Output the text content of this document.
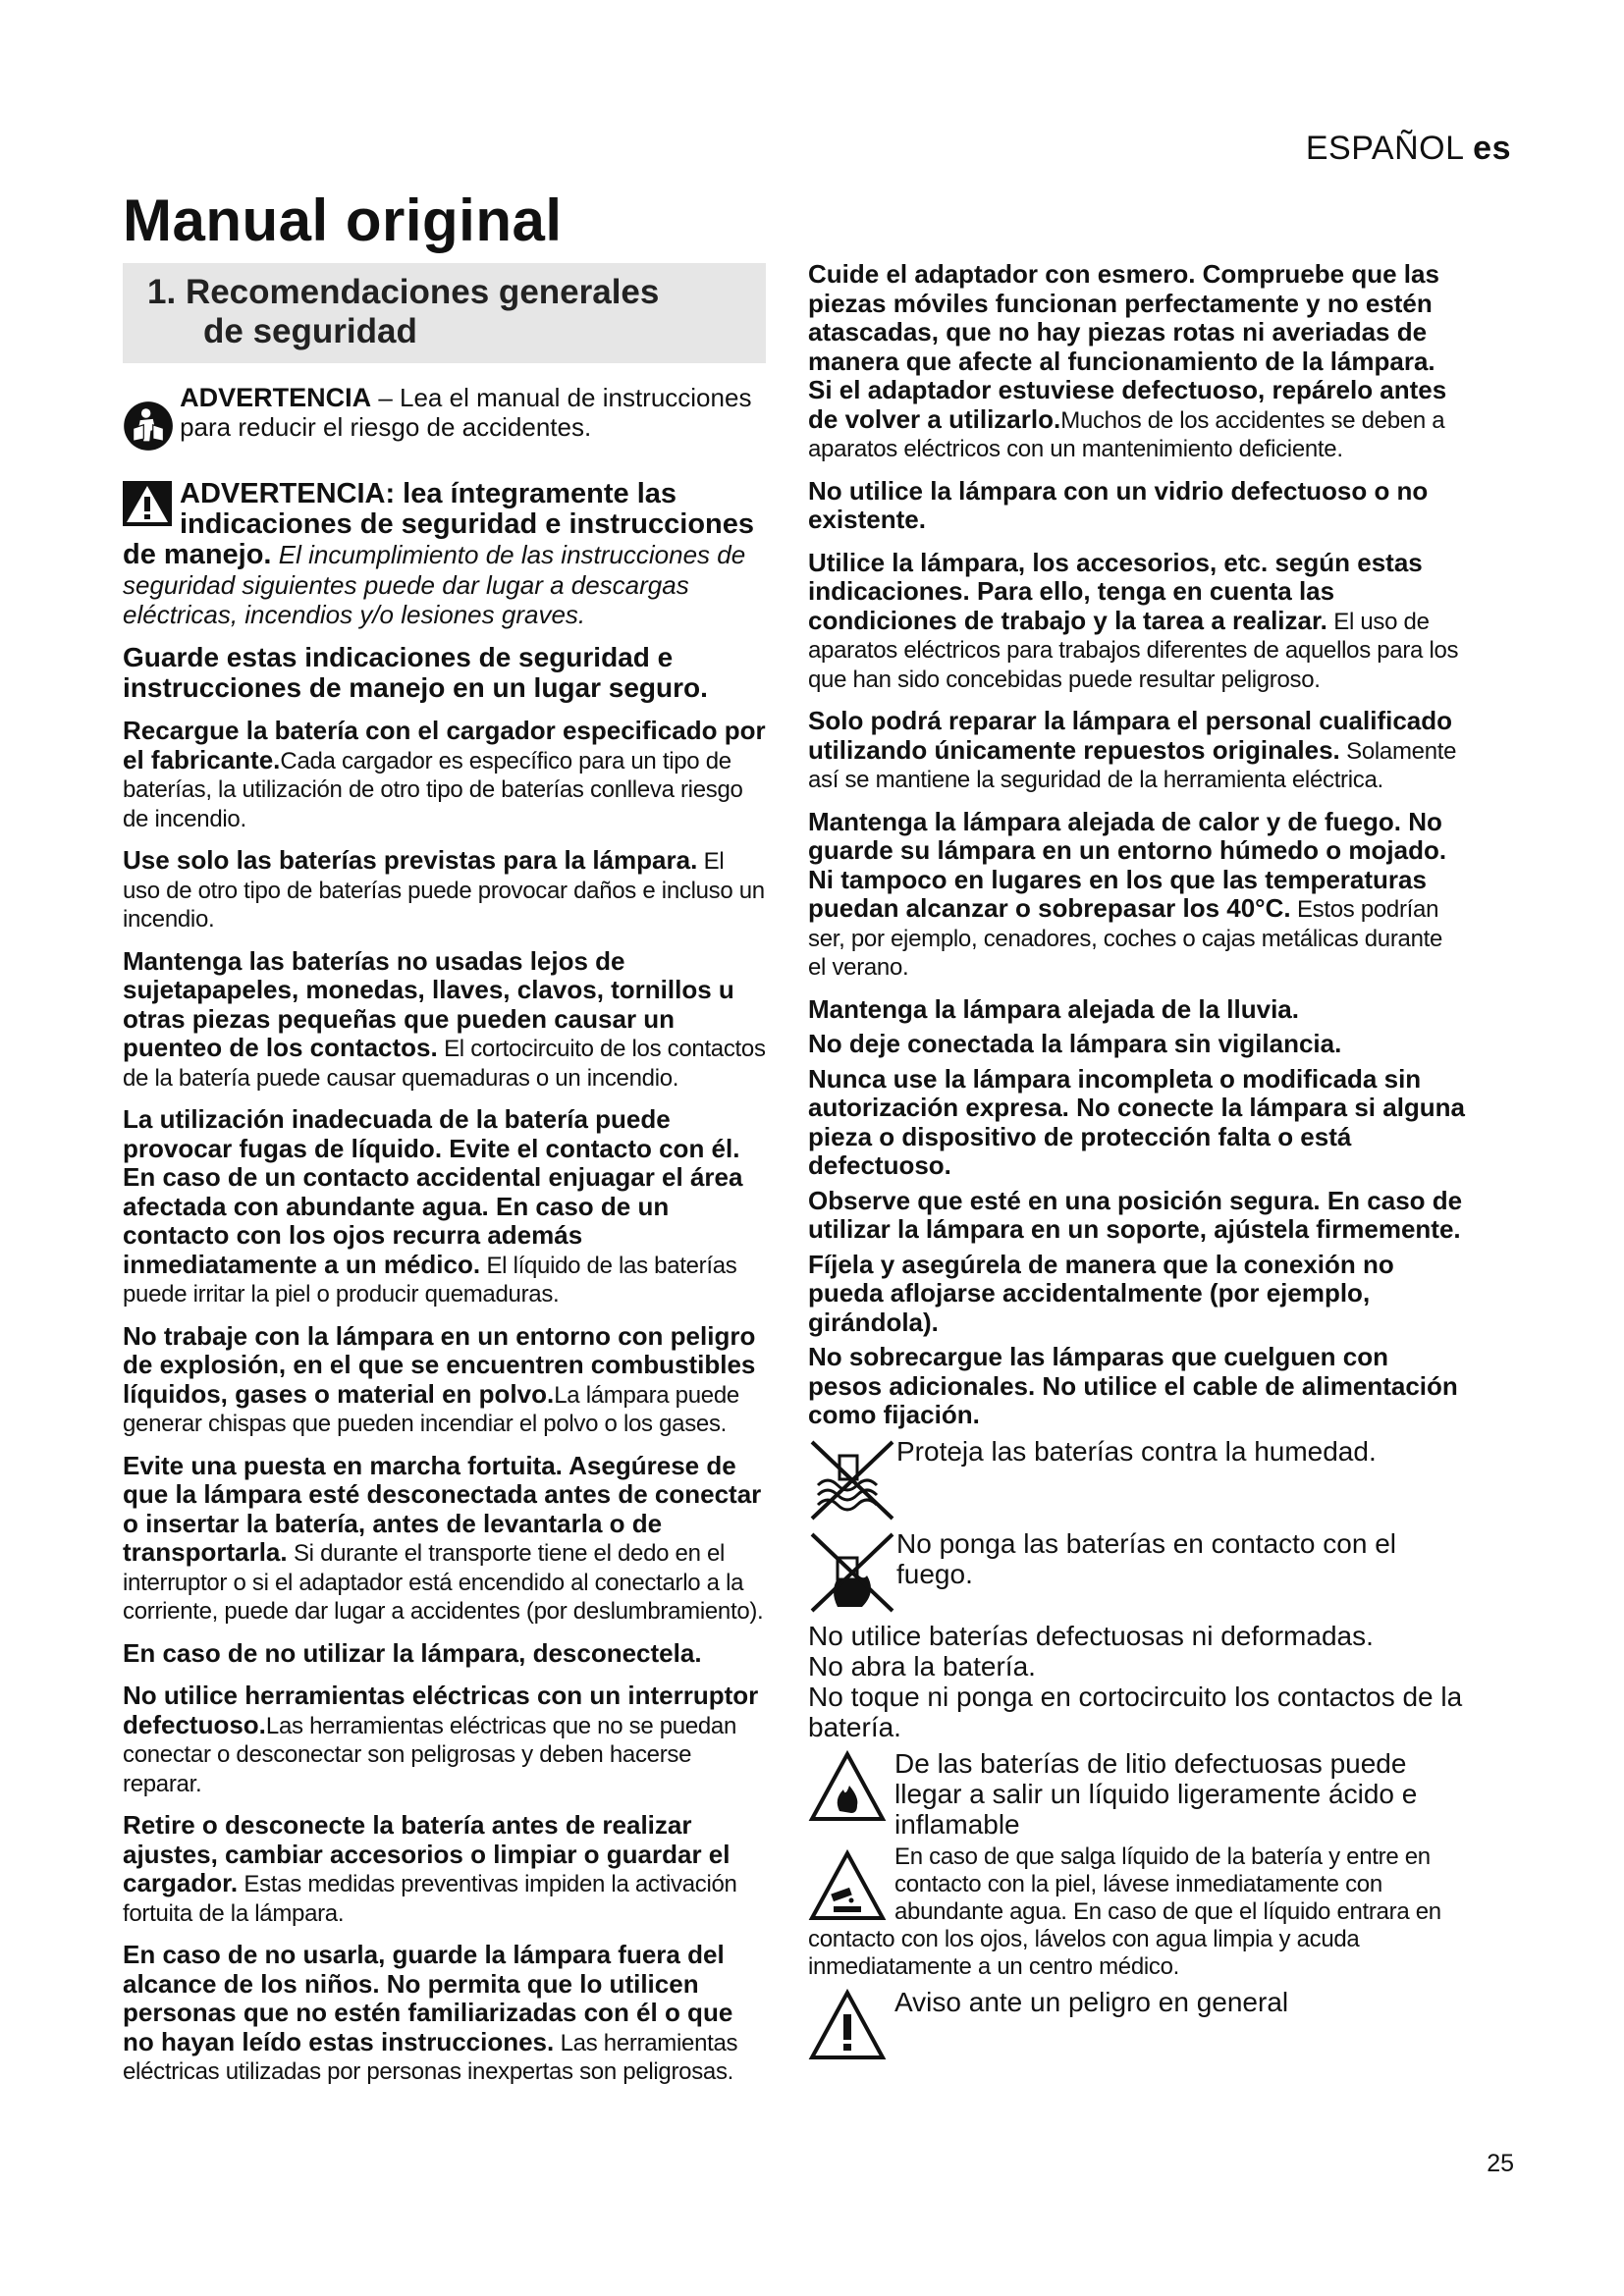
ESPAÑOL es
Manual original
1. Recomendaciones generales
de seguridad
ADVERTENCIA – Lea el manual de instrucciones para reducir el riesgo de accidentes.

ADVERTENCIA: lea íntegramente las indicaciones de seguridad e instrucciones de manejo. El incumplimiento de las instrucciones de seguridad siguientes puede dar lugar a descargas eléctricas, incendios y/o lesiones graves.

Guarde estas indicaciones de seguridad e instrucciones de manejo en un lugar seguro.

Recargue la batería con el cargador especificado por el fabricante.Cada cargador es específico para un tipo de baterías, la utilización de otro tipo de baterías conlleva riesgo de incendio.

Use solo las baterías previstas para la lámpara. El uso de otro tipo de baterías puede provocar daños e incluso un incendio.

Mantenga las baterías no usadas lejos de sujetapapeles, monedas, llaves, clavos, tornillos u otras piezas pequeñas que pueden causar un puenteo de los contactos. El cortocircuito de los contactos de la batería puede causar quemaduras o un incendio.

La utilización inadecuada de la batería puede provocar fugas de líquido. Evite el contacto con él. En caso de un contacto accidental enjuagar el área afectada con abundante agua. En caso de un contacto con los ojos recurra además inmediatamente a un médico. El líquido de las baterías puede irritar la piel o producir quemaduras.

No trabaje con la lámpara en un entorno con peligro de explosión, en el que se encuentren combustibles líquidos, gases o material en polvo.La lámpara puede generar chispas que pueden incendiar el polvo o los gases.

Evite una puesta en marcha fortuita. Asegúrese de que la lámpara esté desconectada antes de conectar o insertar la batería, antes de levantarla o de transportarla. Si durante el transporte tiene el dedo en el interruptor o si el adaptador está encendido al conectarlo a la corriente, puede dar lugar a accidentes (por deslumbramiento).

En caso de no utilizar la lámpara, desconectela.

No utilice herramientas eléctricas con un interruptor defectuoso.Las herramientas eléctricas que no se puedan conectar o desconectar son peligrosas y deben hacerse reparar.

Retire o desconecte la batería antes de realizar ajustes, cambiar accesorios o limpiar o guardar el cargador. Estas medidas preventivas impiden la activación fortuita de la lámpara.

En caso de no usarla, guarde la lámpara fuera del alcance de los niños. No permita que lo utilicen personas que no estén familiarizadas con él o que no hayan leído estas instrucciones. Las herramientas eléctricas utilizadas por personas inexpertas son peligrosas.

Cuide el adaptador con esmero. Compruebe que las piezas móviles funcionan perfectamente y no estén atascadas, que no hay piezas rotas ni averiadas de manera que afecte al funcionamiento de la lámpara. Si el adaptador estuviese defectuoso, repárelo antes de volver a utilizarlo.Muchos de los accidentes se deben a aparatos eléctricos con un mantenimiento deficiente.

No utilice la lámpara con un vidrio defectuoso o no existente.

Utilice la lámpara, los accesorios, etc. según estas indicaciones. Para ello, tenga en cuenta las condiciones de trabajo y la tarea a realizar. El uso de aparatos eléctricos para trabajos diferentes de aquellos para los que han sido concebidas puede resultar peligroso.

Solo podrá reparar la lámpara el personal cualificado utilizando únicamente repuestos originales. Solamente así se mantiene la seguridad de la herramienta eléctrica.

Mantenga la lámpara alejada de calor y de fuego. No guarde su lámpara en un entorno húmedo o mojado. Ni tampoco en lugares en los que las temperaturas puedan alcanzar o sobrepasar los 40°C. Estos podrían ser, por ejemplo, cenadores, coches o cajas metálicas durante el verano.

Mantenga la lámpara alejada de la lluvia.

No deje conectada la lámpara sin vigilancia.

Nunca use la lámpara incompleta o modificada sin autorización expresa. No conecte la lámpara si alguna pieza o dispositivo de protección falta o está defectuoso.

Observe que esté en una posición segura. En caso de utilizar la lámpara en un soporte, ajústela firmemente.

Fíjela y asegúrela de manera que la conexión no pueda aflojarse accidentalmente (por ejemplo, girándola).

No sobrecargue las lámparas que cuelguen con pesos adicionales. No utilice el cable de alimentación como fijación.

Proteja las baterías contra la humedad.
No ponga las baterías en contacto con el fuego.

No utilice baterías defectuosas ni deformadas.

No abra la batería.

No toque ni ponga en cortocircuito los contactos de la batería.

De las baterías de litio defectuosas puede llegar a salir un líquido ligeramente ácido e inflamable

En caso de que salga líquido de la batería y entre en contacto con la piel, lávese inmediatamente con abundante agua. En caso de que el líquido entrara en contacto con los ojos, lávelos con agua limpia y acuda inmediatamente a un centro médico.

Aviso ante un peligro en general
25
